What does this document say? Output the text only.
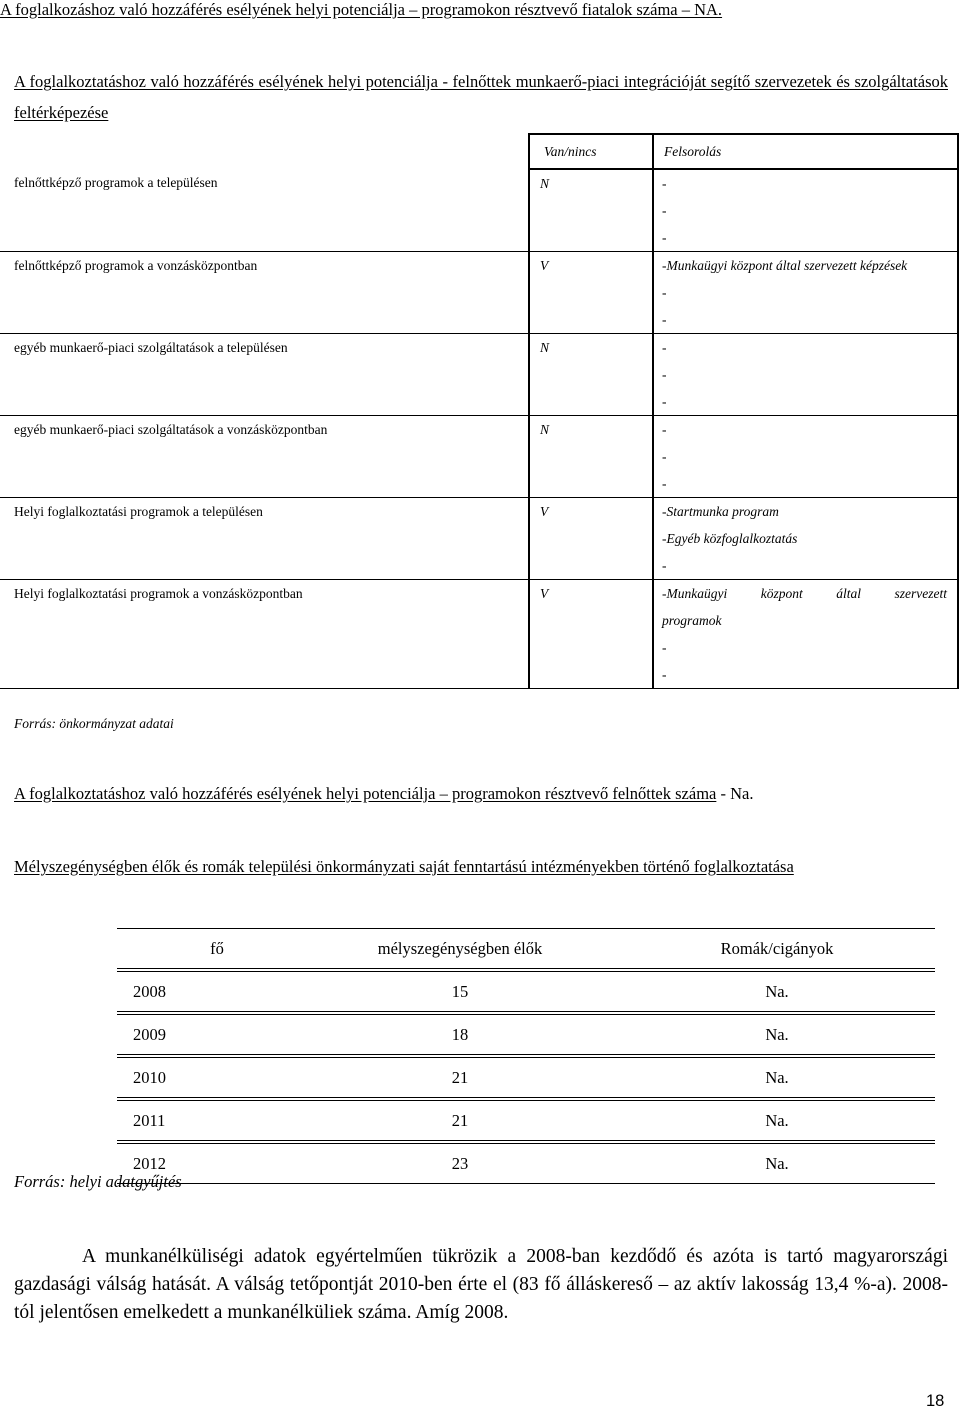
A foglalkozáshoz való hozzáférés esélyének helyi potenciálja – programokon résztvevő fiatalok száma – NA.
A foglalkoztatáshoz való hozzáférés esélyének helyi potenciálja - felnőttek munkaerő-piaci integrációját segítő szervezetek és szolgáltatások feltérképezése
	Van/nincs	Felsorolás
felnőttképző programok a településen	N	-
-
-

felnőttképző programok a vonzásközpontban	V	-Munkaügyi központ által szervezett képzések
-
-

egyéb munkaerő-piaci szolgáltatások a településen	N	-
-
-

egyéb munkaerő-piaci szolgáltatások a vonzásközpontban	N	-
-
-

Helyi foglalkoztatási programok a településen	V	-Startmunka program
-Egyéb közfoglalkoztatás
-

Helyi foglalkoztatási programok a vonzásközpontban	V	-Munkaügyi központ által szervezett
programok
-
-
Forrás: önkormányzat adatai
A foglalkoztatáshoz való hozzáférés esélyének helyi potenciálja – programokon résztvevő felnőttek száma - Na.
Mélyszegénységben élők és romák települési önkormányzati saját fenntartású intézményekben történő foglalkoztatása
fő	mélyszegénységben élők	Romák/cigányok

2008	15	Na.

2009	18	Na.

2010	21	Na.

2011	21	Na.

2012	23	Na.
Forrás: helyi adatgyűjtés
A munkanélküliségi adatok egyértelműen tükrözik a 2008-ban kezdődő és azóta is tartó magyarországi gazdasági válság hatását. A válság tetőpontját 2010-ben érte el (83 fő álláskereső – az aktív lakosság 13,4 %-a). 2008-tól jelentősen emelkedett a munkanélküliek száma. Amíg 2008.
18
